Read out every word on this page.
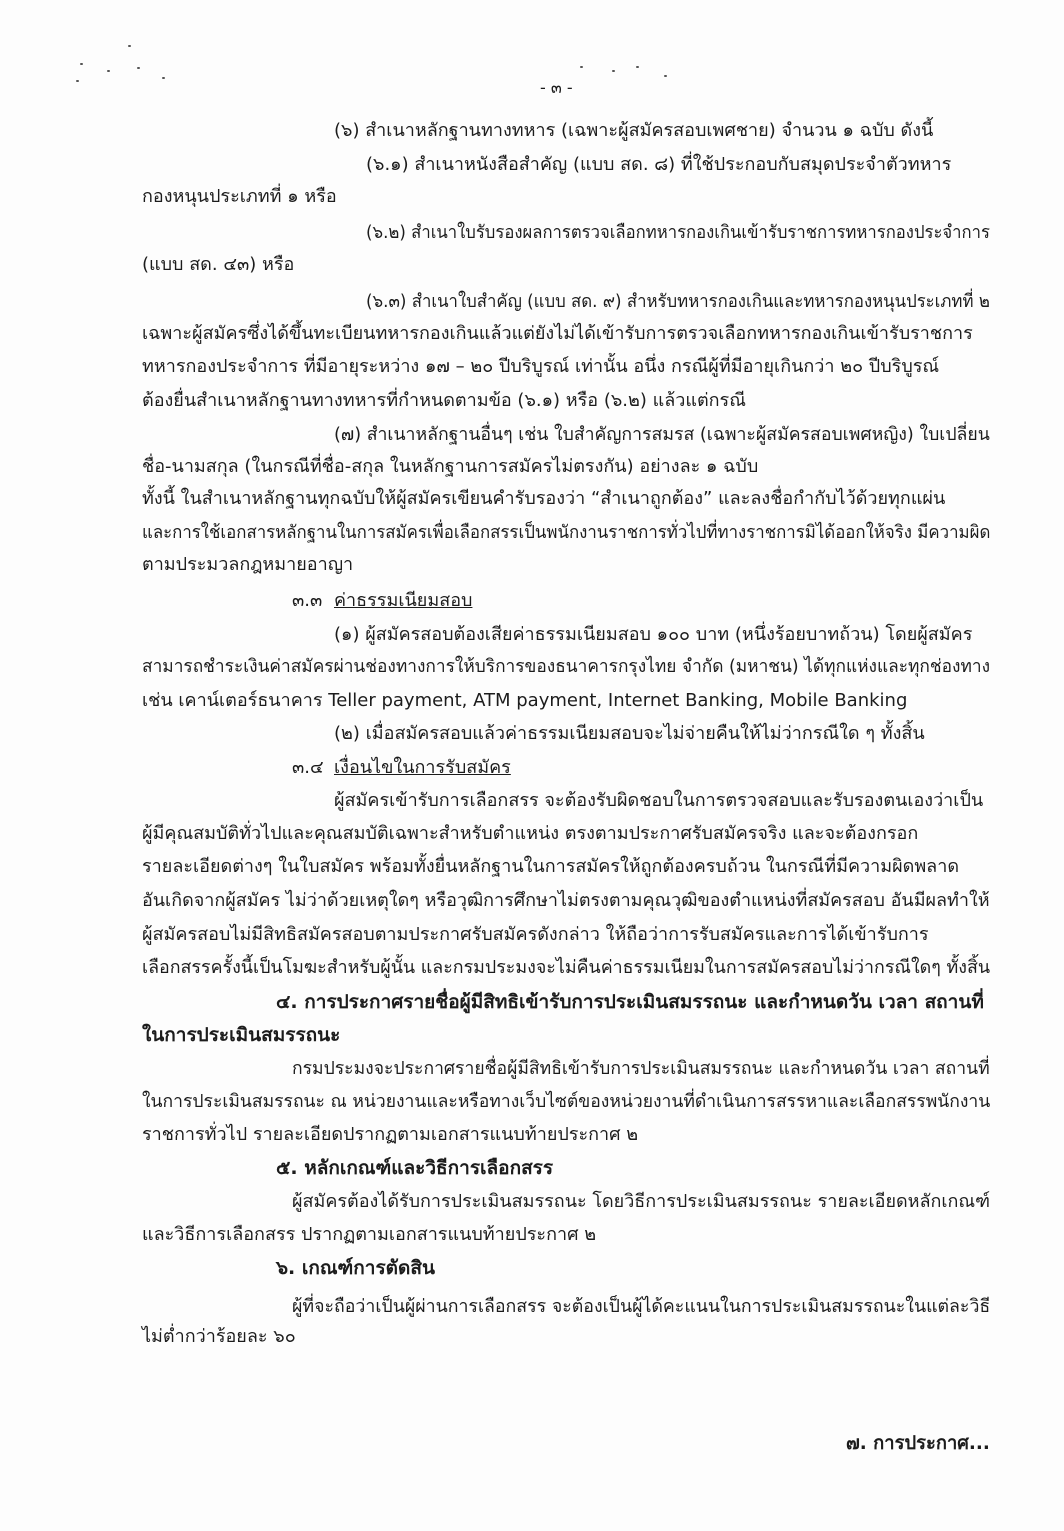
- ๓ -
(๖) สำเนาหลักฐานทางทหาร (เฉพาะผู้สมัครสอบเพศชาย) จำนวน ๑ ฉบับ ดังนี้
(๖.๑) สำเนาหนังสือสำคัญ (แบบ สด. ๘) ที่ใช้ประกอบกับสมุดประจำตัวทหาร
กองหนุนประเภทที่ ๑ หรือ
(๖.๒) สำเนาใบรับรองผลการตรวจเลือกทหารกองเกินเข้ารับราชการทหารกองประจำการ
(แบบ สด. ๔๓) หรือ
(๖.๓) สำเนาใบสำคัญ (แบบ สด. ๙) สำหรับทหารกองเกินและทหารกองหนุนประเภทที่ ๒
เฉพาะผู้สมัครซึ่งได้ขึ้นทะเบียนทหารกองเกินแล้วแต่ยังไม่ได้เข้ารับการตรวจเลือกทหารกองเกินเข้ารับราชการ
ทหารกองประจำการ ที่มีอายุระหว่าง ๑๗ – ๒๐ ปีบริบูรณ์ เท่านั้น อนึ่ง กรณีผู้ที่มีอายุเกินกว่า ๒๐ ปีบริบูรณ์
ต้องยื่นสำเนาหลักฐานทางทหารที่กำหนดตามข้อ (๖.๑) หรือ (๖.๒) แล้วแต่กรณี
(๗) สำเนาหลักฐานอื่นๆ เช่น ใบสำคัญการสมรส (เฉพาะผู้สมัครสอบเพศหญิง) ใบเปลี่ยน
ชื่อ-นามสกุล (ในกรณีที่ชื่อ-สกุล ในหลักฐานการสมัครไม่ตรงกัน) อย่างละ ๑ ฉบับ
ทั้งนี้ ในสำเนาหลักฐานทุกฉบับให้ผู้สมัครเขียนคำรับรองว่า “สำเนาถูกต้อง” และลงชื่อกำกับไว้ด้วยทุกแผ่น
และการใช้เอกสารหลักฐานในการสมัครเพื่อเลือกสรรเป็นพนักงานราชการทั่วไปที่ทางราชการมิได้ออกให้จริง มีความผิด
ตามประมวลกฎหมายอาญา
๓.๓ ค่าธรรมเนียมสอบ
(๑) ผู้สมัครสอบต้องเสียค่าธรรมเนียมสอบ ๑๐๐ บาท (หนึ่งร้อยบาทถ้วน) โดยผู้สมัคร
สามารถชำระเงินค่าสมัครผ่านช่องทางการให้บริการของธนาคารกรุงไทย จำกัด (มหาชน) ได้ทุกแห่งและทุกช่องทาง
เช่น เคาน์เตอร์ธนาคาร Teller payment, ATM payment, Internet Banking, Mobile Banking
(๒) เมื่อสมัครสอบแล้วค่าธรรมเนียมสอบจะไม่จ่ายคืนให้ไม่ว่ากรณีใด ๆ ทั้งสิ้น
๓.๔ เงื่อนไขในการรับสมัคร
ผู้สมัครเข้ารับการเลือกสรร จะต้องรับผิดชอบในการตรวจสอบและรับรองตนเองว่าเป็น
ผู้มีคุณสมบัติทั่วไปและคุณสมบัติเฉพาะสำหรับตำแหน่ง ตรงตามประกาศรับสมัครจริง และจะต้องกรอก
รายละเอียดต่างๆ ในใบสมัคร พร้อมทั้งยื่นหลักฐานในการสมัครให้ถูกต้องครบถ้วน ในกรณีที่มีความผิดพลาด
อันเกิดจากผู้สมัคร ไม่ว่าด้วยเหตุใดๆ หรือวุฒิการศึกษาไม่ตรงตามคุณวุฒิของตำแหน่งที่สมัครสอบ อันมีผลทำให้
ผู้สมัครสอบไม่มีสิทธิสมัครสอบตามประกาศรับสมัครดังกล่าว ให้ถือว่าการรับสมัครและการได้เข้ารับการ
เลือกสรรครั้งนี้เป็นโมฆะสำหรับผู้นั้น และกรมประมงจะไม่คืนค่าธรรมเนียมในการสมัครสอบไม่ว่ากรณีใดๆ ทั้งสิ้น
๔. การประกาศรายชื่อผู้มีสิทธิเข้ารับการประเมินสมรรถนะ และกำหนดวัน เวลา สถานที่
ในการประเมินสมรรถนะ
กรมประมงจะประกาศรายชื่อผู้มีสิทธิเข้ารับการประเมินสมรรถนะ และกำหนดวัน เวลา สถานที่
ในการประเมินสมรรถนะ ณ หน่วยงานและหรือทางเว็บไซต์ของหน่วยงานที่ดำเนินการสรรหาและเลือกสรรพนักงาน
ราชการทั่วไป รายละเอียดปรากฏตามเอกสารแนบท้ายประกาศ ๒
๕. หลักเกณฑ์และวิธีการเลือกสรร
ผู้สมัครต้องได้รับการประเมินสมรรถนะ โดยวิธีการประเมินสมรรถนะ รายละเอียดหลักเกณฑ์
และวิธีการเลือกสรร ปรากฏตามเอกสารแนบท้ายประกาศ ๒
๖. เกณฑ์การตัดสิน
ผู้ที่จะถือว่าเป็นผู้ผ่านการเลือกสรร จะต้องเป็นผู้ได้คะแนนในการประเมินสมรรถนะในแต่ละวิธี
ไม่ต่ำกว่าร้อยละ ๖๐
๗. การประกาศ...
